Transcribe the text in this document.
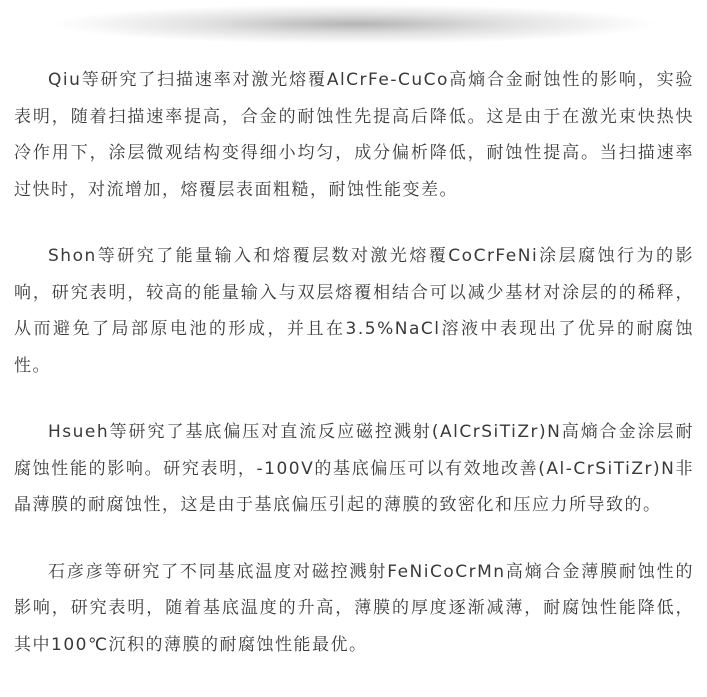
Qiu等研究了扫描速率对激光熔覆AlCrFe-CuCo高熵合金耐蚀性的影响，实验表明，随着扫描速率提高，合金的耐蚀性先提高后降低。这是由于在激光束快热快冷作用下，涂层微观结构变得细小均匀，成分偏析降低，耐蚀性提高。当扫描速率过快时，对流增加，熔覆层表面粗糙，耐蚀性能变差。

Shon等研究了能量输入和熔覆层数对激光熔覆CoCrFeNi涂层腐蚀行为的影响，研究表明，较高的能量输入与双层熔覆相结合可以减少基材对涂层的的稀释，从而避免了局部原电池的形成，并且在3.5%NaCl溶液中表现出了优异的耐腐蚀性。

Hsueh等研究了基底偏压对直流反应磁控溅射(AlCrSiTiZr)N高熵合金涂层耐腐蚀性能的影响。研究表明，-100V的基底偏压可以有效地改善(Al-CrSiTiZr)N非晶薄膜的耐腐蚀性，这是由于基底偏压引起的薄膜的致密化和压应力所导致的。

石彦彦等研究了不同基底温度对磁控溅射FeNiCoCrMn高熵合金薄膜耐蚀性的影响，研究表明，随着基底温度的升高，薄膜的厚度逐渐减薄，耐腐蚀性能降低，其中100℃沉积的薄膜的耐腐蚀性能最优。
